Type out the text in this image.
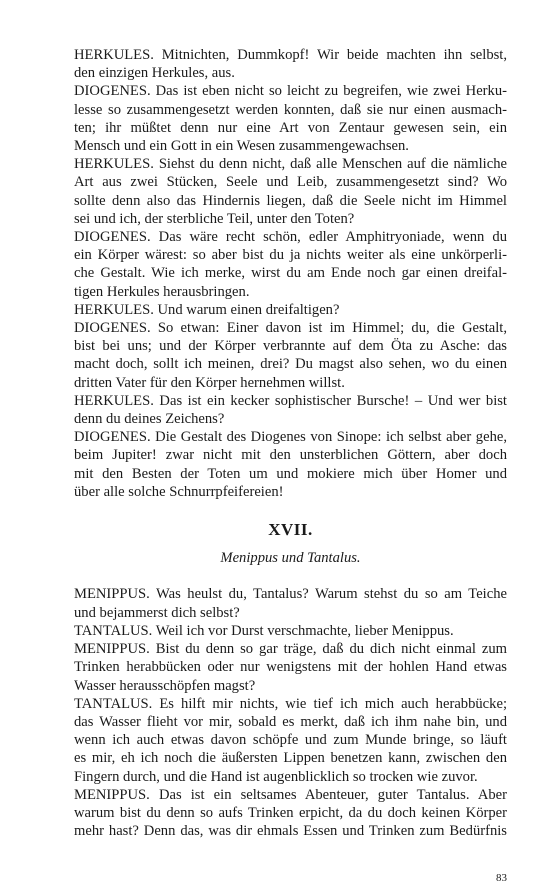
HERKULES. Mitnichten, Dummkopf! Wir beide machten ihn selbst,
den einzigen Herkules, aus.
DIOGENES. Das ist eben nicht so leicht zu begreifen, wie zwei Herku-
lesse so zusammengesetzt werden konnten, daß sie nur einen ausmach-
ten; ihr müßtet denn nur eine Art von Zentaur gewesen sein, ein
Mensch und ein Gott in ein Wesen zusammengewachsen.
HERKULES. Siehst du denn nicht, daß alle Menschen auf die nämliche
Art aus zwei Stücken, Seele und Leib, zusammengesetzt sind? Wo
sollte denn also das Hindernis liegen, daß die Seele nicht im Himmel
sei und ich, der sterbliche Teil, unter den Toten?
DIOGENES. Das wäre recht schön, edler Amphitryoniade, wenn du
ein Körper wärest: so aber bist du ja nichts weiter als eine unkörperli-
che Gestalt. Wie ich merke, wirst du am Ende noch gar einen dreifal-
tigen Herkules herausbringen.
HERKULES. Und warum einen dreifaltigen?
DIOGENES. So etwan: Einer davon ist im Himmel; du, die Gestalt,
bist bei uns; und der Körper verbrannte auf dem Öta zu Asche: das
macht doch, sollt ich meinen, drei? Du magst also sehen, wo du einen
dritten Vater für den Körper hernehmen willst.
HERKULES. Das ist ein kecker sophistischer Bursche! – Und wer bist
denn du deines Zeichens?
DIOGENES. Die Gestalt des Diogenes von Sinope: ich selbst aber gehe,
beim Jupiter! zwar nicht mit den unsterblichen Göttern, aber doch
mit den Besten der Toten um und mokiere mich über Homer und
über alle solche Schnurrpfeifereien!
XVII.
Menippus und Tantalus.
MENIPPUS. Was heulst du, Tantalus? Warum stehst du so am Teiche
und bejammerst dich selbst?
TANTALUS. Weil ich vor Durst verschmachte, lieber Menippus.
MENIPPUS. Bist du denn so gar träge, daß du dich nicht einmal zum
Trinken herabbücken oder nur wenigstens mit der hohlen Hand etwas
Wasser herausschöpfen magst?
TANTALUS. Es hilft mir nichts, wie tief ich mich auch herabbücke;
das Wasser flieht vor mir, sobald es merkt, daß ich ihm nahe bin, und
wenn ich auch etwas davon schöpfe und zum Munde bringe, so läuft
es mir, eh ich noch die äußersten Lippen benetzen kann, zwischen den
Fingern durch, und die Hand ist augenblicklich so trocken wie zuvor.
MENIPPUS. Das ist ein seltsames Abenteuer, guter Tantalus. Aber
warum bist du denn so aufs Trinken erpicht, da du doch keinen Körper
mehr hast? Denn das, was dir ehmals Essen und Trinken zum Bedürfnis
83
